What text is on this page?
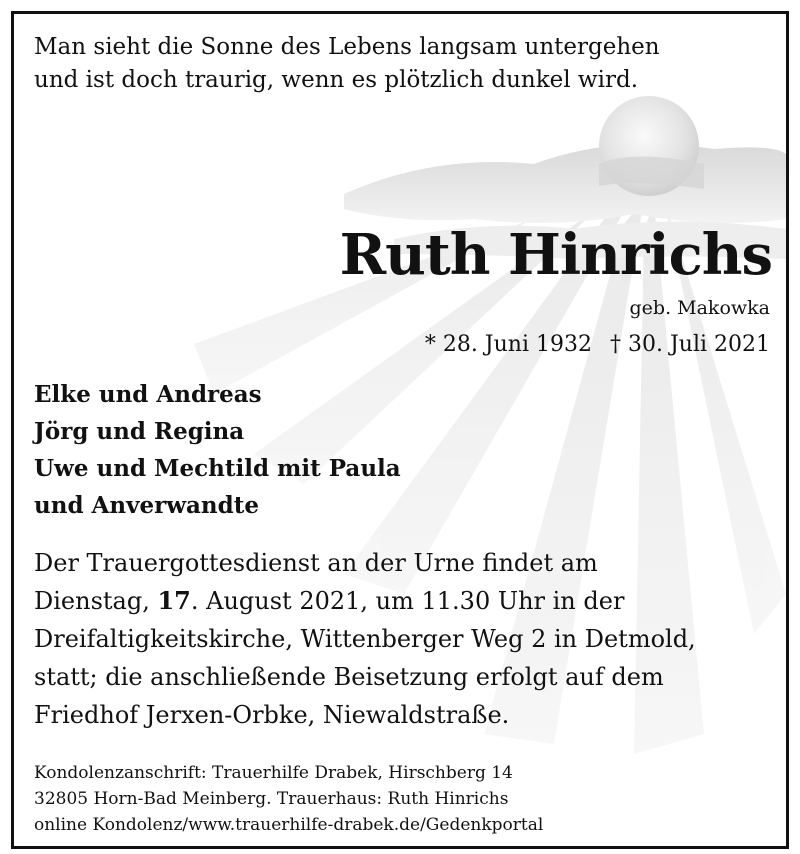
Man sieht die Sonne des Lebens langsam untergehen
und ist doch traurig, wenn es plötzlich dunkel wird.
Ruth Hinrichs
geb. Makowka
* 28. Juni 1932 † 30. Juli 2021
Elke und Andreas
Jörg und Regina
Uwe und Mechtild mit Paula
und Anverwandte
Der Trauergottesdienst an der Urne findet am
Dienstag, 17. August 2021, um 11.30 Uhr in der
Dreifaltigkeitskirche, Wittenberger Weg 2 in Detmold,
statt; die anschließende Beisetzung erfolgt auf dem
Friedhof Jerxen-Orbke, Niewaldstraße.
Kondolenzanschrift: Trauerhilfe Drabek, Hirschberg 14
32805 Horn-Bad Meinberg. Trauerhaus: Ruth Hinrichs
online Kondolenz/www.trauerhilfe-drabek.de/Gedenkportal
